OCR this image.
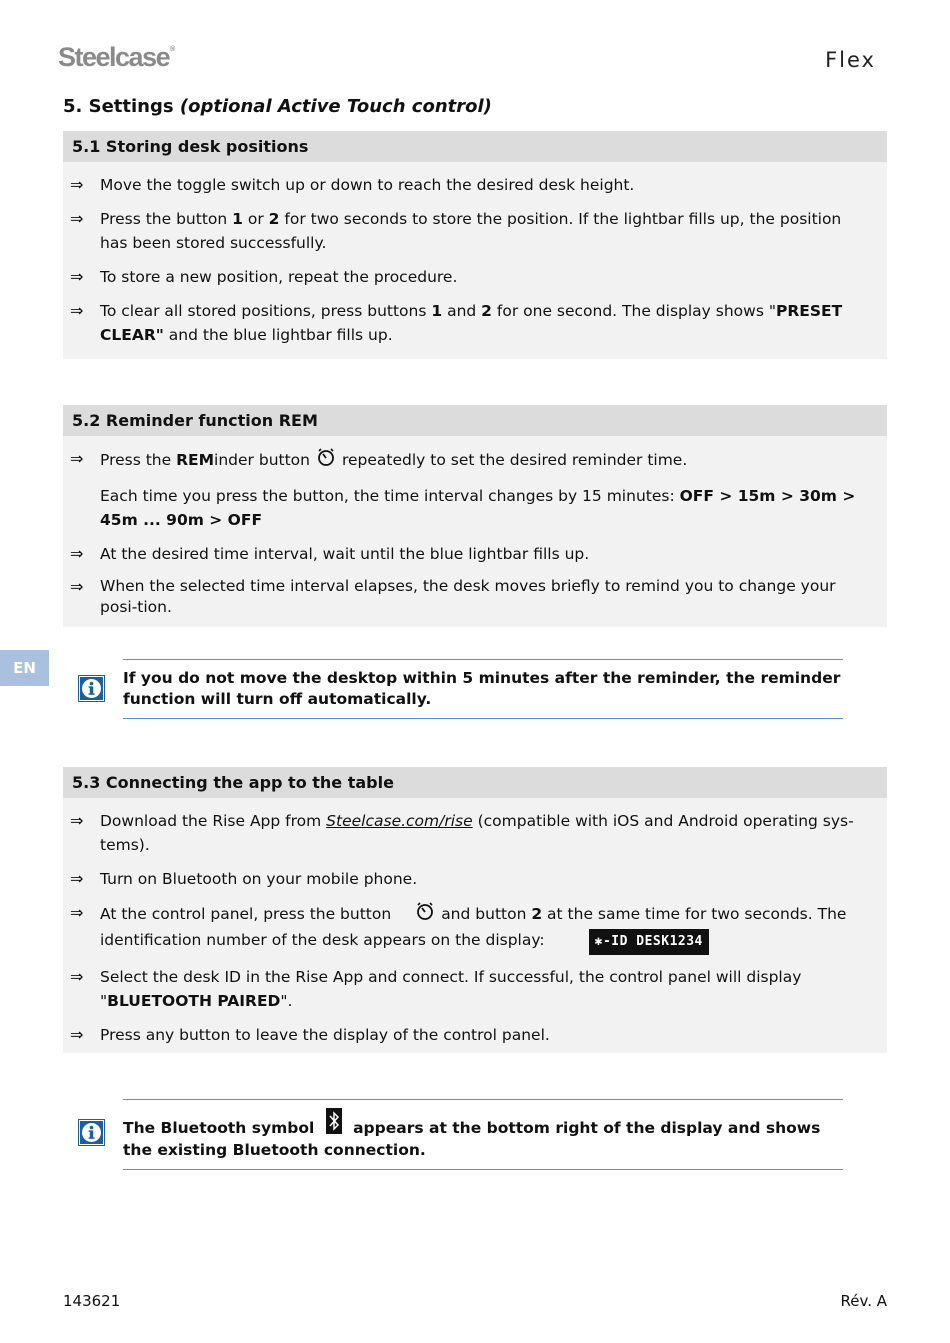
Steelcase®	Flex
5. Settings (optional Active Touch control)
5.1 Storing desk positions
⇒ Move the toggle switch up or down to reach the desired desk height.
⇒ Press the button 1 or 2 for two seconds to store the position. If the lightbar fills up, the position has been stored successfully.
⇒ To store a new position, repeat the procedure.
⇒ To clear all stored positions, press buttons 1 and 2 for one second. The display shows "PRESET CLEAR" and the blue lightbar fills up.
5.2 Reminder function REM
⇒ Press the REMinder button repeatedly to set the desired reminder time.
Each time you press the button, the time interval changes by 15 minutes: OFF > 15m > 30m > 45m ... 90m > OFF
⇒ At the desired time interval, wait until the blue lightbar fills up.
⇒ When the selected time interval elapses, the desk moves briefly to remind you to change your posi-tion.
EN
If you do not move the desktop within 5 minutes after the reminder, the reminder function will turn off automatically.
5.3 Connecting the app to the table
⇒ Download the Rise App from Steelcase.com/rise (compatible with iOS and Android operating sys-tems).
⇒ Turn on Bluetooth on your mobile phone.
⇒ At the control panel, press the button	and button 2 at the same time for two seconds. The identification number of the desk appears on the display:	✱-ID DESK1234
⇒ Select the desk ID in the Rise App and connect. If successful, the control panel will display "BLUETOOTH PAIRED".
⇒ Press any button to leave the display of the control panel.
The Bluetooth symbol	appears at the bottom right of the display and shows the existing Bluetooth connection.
143621	Rév. A
